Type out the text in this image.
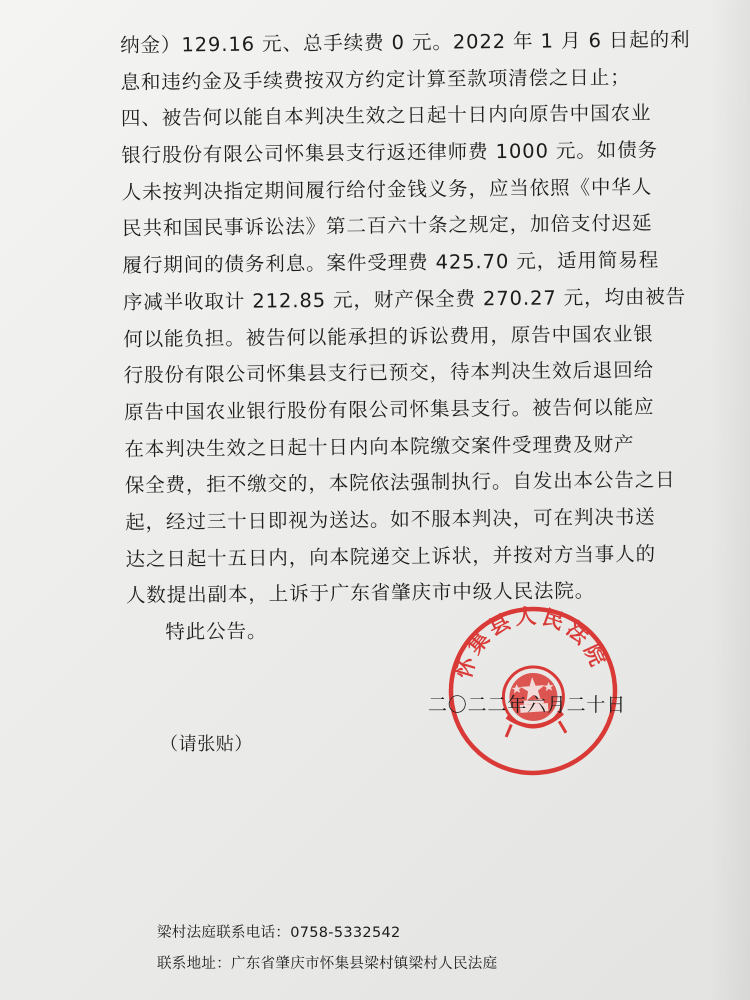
纳金）129.16 元、总手续费 0 元。2022 年 1 月 6 日起的利
息和违约金及手续费按双方约定计算至款项清偿之日止；
四、被告何以能自本判决生效之日起十日内向原告中国农业
银行股份有限公司怀集县支行返还律师费 1000 元。如债务
人未按判决指定期间履行给付金钱义务，应当依照《中华人
民共和国民事诉讼法》第二百六十条之规定，加倍支付迟延
履行期间的债务利息。案件受理费 425.70 元，适用简易程
序减半收取计 212.85 元，财产保全费 270.27 元，均由被告
何以能负担。被告何以能承担的诉讼费用，原告中国农业银
行股份有限公司怀集县支行已预交，待本判决生效后退回给
原告中国农业银行股份有限公司怀集县支行。被告何以能应
在本判决生效之日起十日内向本院缴交案件受理费及财产
保全费，拒不缴交的，本院依法强制执行。自发出本公告之日
起，经过三十日即视为送达。如不服本判决，可在判决书送
达之日起十五日内，向本院递交上诉状，并按对方当事人的
人数提出副本，上诉于广东省肇庆市中级人民法院。
特此公告。
怀集县人民法院
二〇二二年六月二十日
（请张贴）
梁村法庭联系电话：0758-5332542
联系地址：广东省肇庆市怀集县梁村镇梁村人民法庭
